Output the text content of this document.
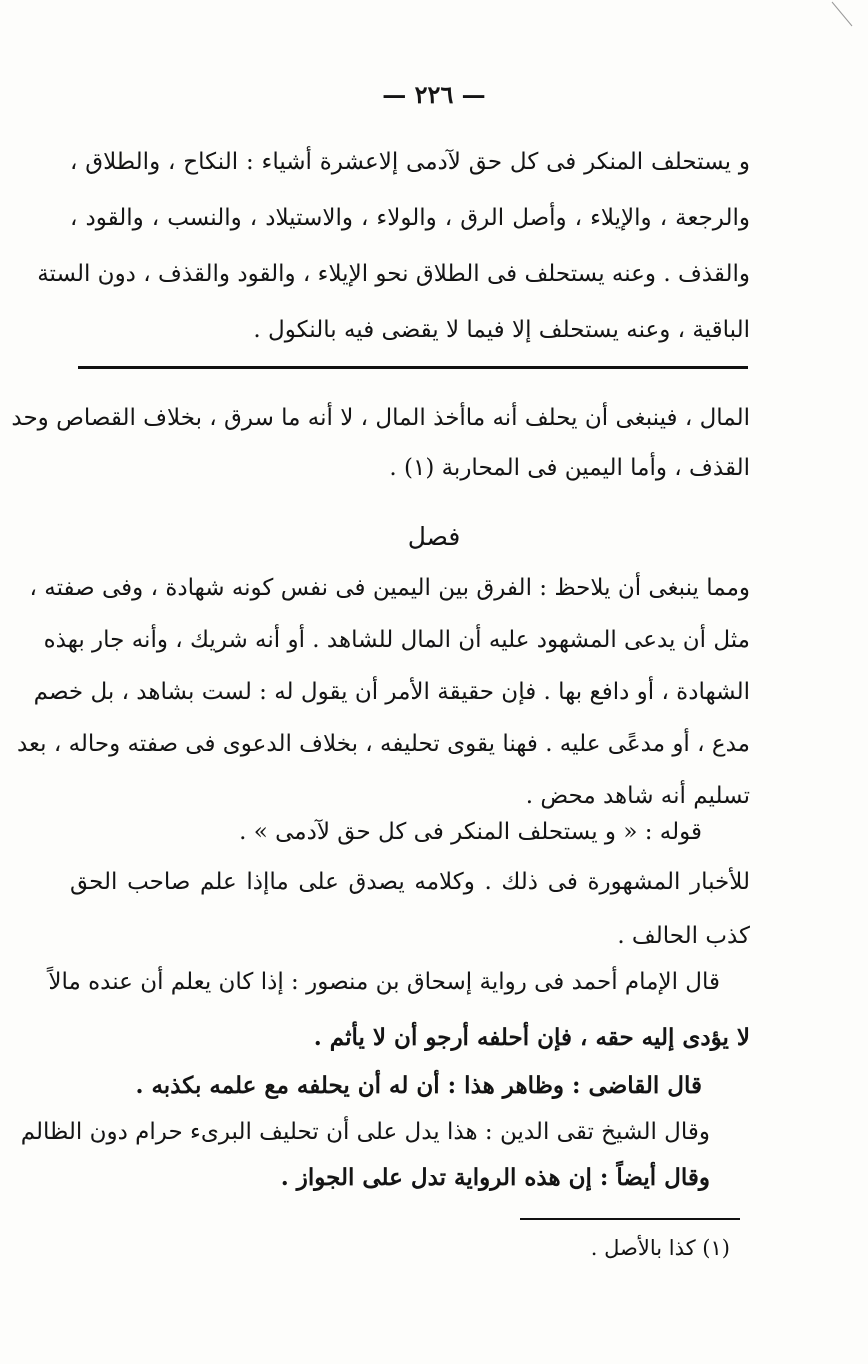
— ٢٢٦ —
و يستحلف المنكر فى كل حق لآدمى إلاعشرة أشياء : النكاح ، والطلاق ،
والرجعة ، والإيلاء ، وأصل الرق ، والولاء ، والاستيلاد ، والنسب ، والقود ،
والقذف . وعنه يستحلف فى الطلاق نحو الإيلاء ، والقود والقذف ، دون الستة
الباقية ، وعنه يستحلف إلا فيما لا يقضى فيه بالنكول .
المال ، فينبغى أن يحلف أنه ماأخذ المال ، لا أنه ما سرق ، بخلاف القصاص وحد
القذف ، وأما اليمين فى المحاربة (١) .
فصل
ومما ينبغى أن يلاحظ : الفرق بين اليمين فى نفس كونه شهادة ، وفى صفته ،
مثل أن يدعى المشهود عليه أن المال للشاهد . أو أنه شريك ، وأنه جار بهذه
الشهادة ، أو دافع بها . فإن حقيقة الأمر أن يقول له : لست بشاهد ، بل خصم
مدع ، أو مدعًى عليه . فهنا يقوى تحليفه ، بخلاف الدعوى فى صفته وحاله ، بعد
تسليم أنه شاهد محض .
قوله : « و يستحلف المنكر فى كل حق لآدمى » .
للأخبار المشهورة فى ذلك . وكلامه يصدق على ماإذا علم صاحب الحق
كذب الحالف .
قال الإمام أحمد فى رواية إسحاق بن منصور : إذا كان يعلم أن عنده مالاً
لا يؤدى إليه حقه ، فإن أحلفه أرجو أن لا يأثم .
قال القاضى : وظاهر هذا : أن له أن يحلفه مع علمه بكذبه .
وقال الشيخ تقى الدين : هذا يدل على أن تحليف البرىء حرام دون الظالم
وقال أيضاً : إن هذه الرواية تدل على الجواز .
(١) كذا بالأصل .
